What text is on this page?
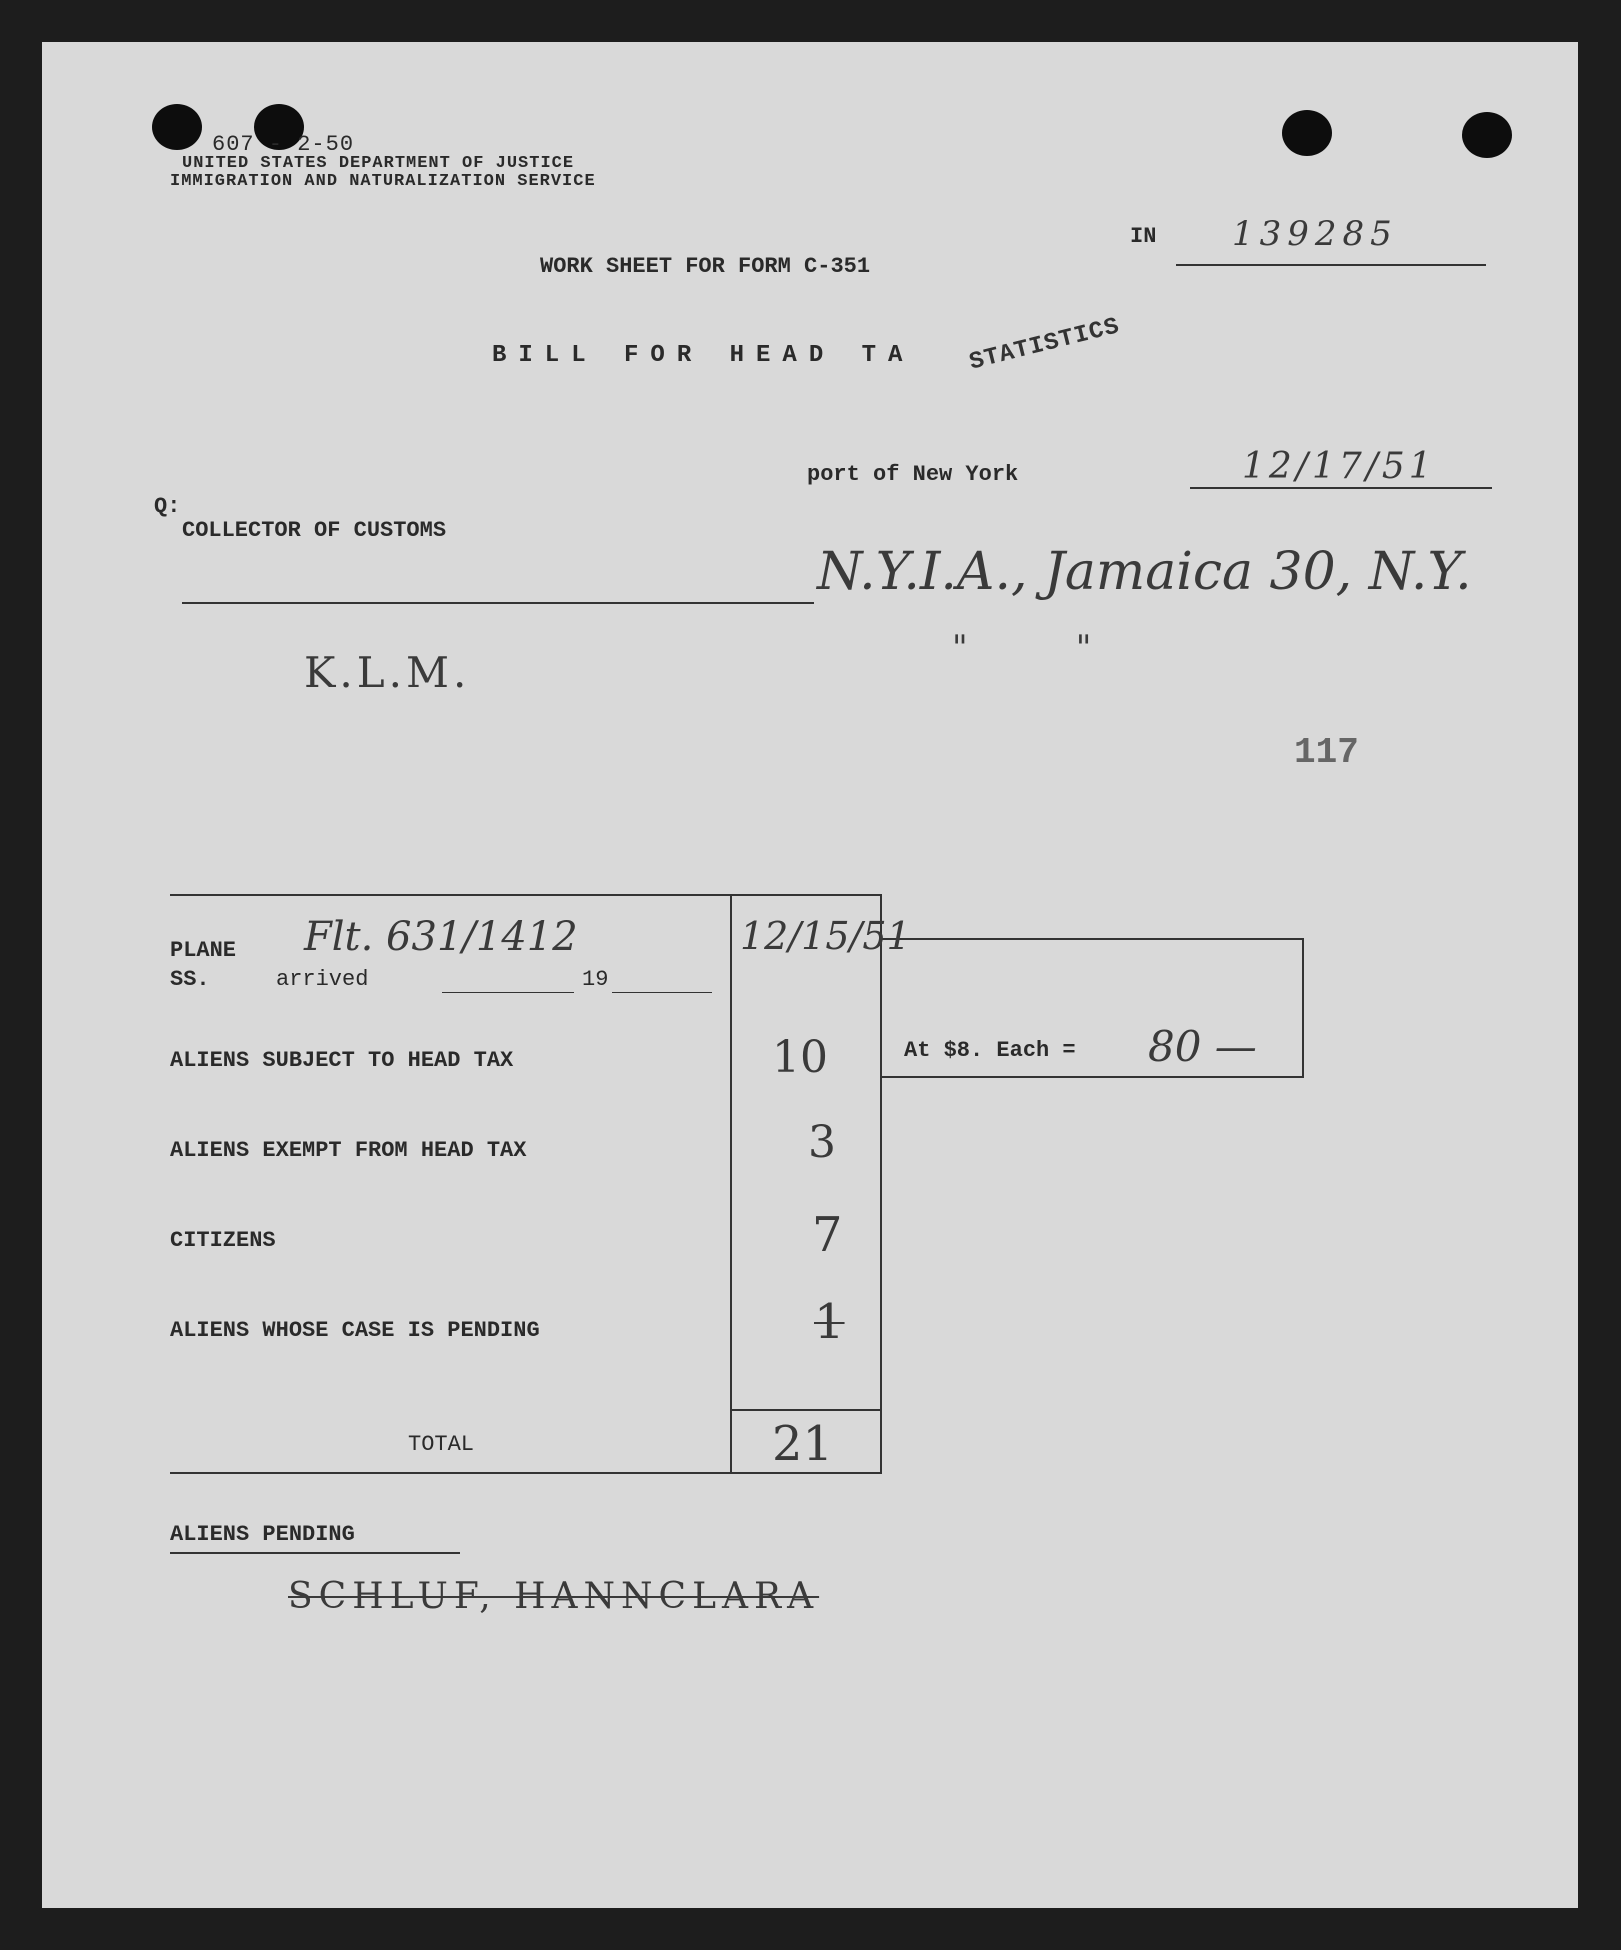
607 - 2-50
UNITED STATES DEPARTMENT OF JUSTICE
IMMIGRATION AND NATURALIZATION SERVICE
IN 139285
WORK SHEET FOR FORM C-351
BILL FOR HEAD TA STATISTICS
port of New York	12/17/51
Q:
COLLECTOR OF CUSTOMS
N.Y.I.A., Jamaica 30, N.Y.
"          "
K.L.M.
117
At $8. Each = 80 —
PLANE
SS.	arrived	19
Flt. 631/1412	12/15/51
ALIENS SUBJECT TO HEAD TAX	10
ALIENS EXEMPT FROM HEAD TAX	3
CITIZENS	7
ALIENS WHOSE CASE IS PENDING	1
TOTAL	21
ALIENS PENDING
SCHLUF, HANNCLARA
